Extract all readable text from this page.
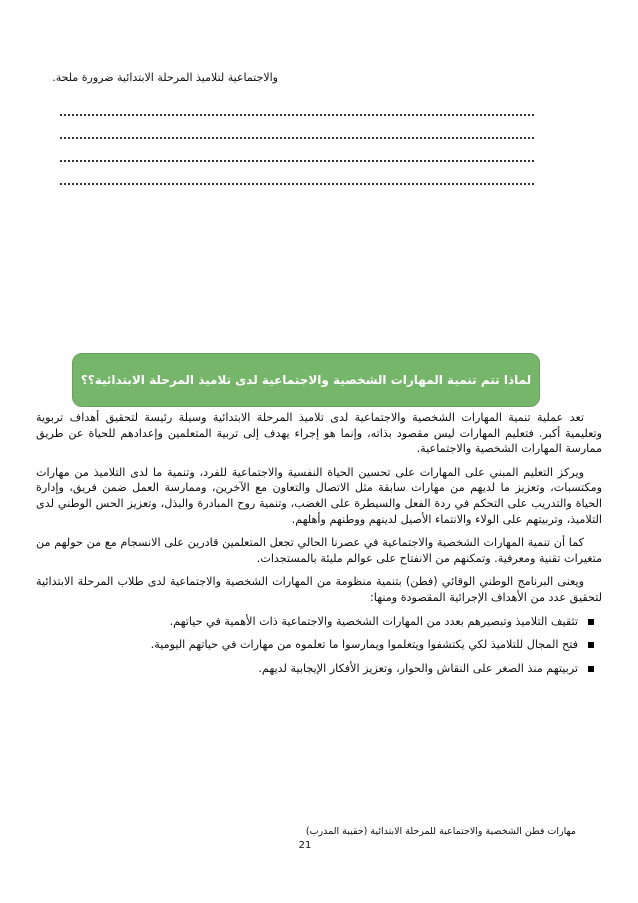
والاجتماعية لتلاميذ المرحلة الابتدائية ضرورة ملحة.
لماذا تتم تنمية المهارات الشخصية والاجتماعية لدى تلاميذ المرحلة الابتدائية؟؟

تعد عملية تنمية المهارات الشخصية والاجتماعية لدى تلاميذ المرحلة الابتدائية وسيلة رئيسة لتحقيق أهداف تربوية وتعليمية أكبر. فتعليم المهارات ليس مقصود بذاته، وإنما هو إجراء يهدف إلى تربية المتعلمين وإعدادهم للحياة عن طريق ممارسة المهارات الشخصية والاجتماعية.

ويركز التعليم المبني على المهارات على تحسين الحياة النفسية والاجتماعية للفرد، وتنمية ما لدى التلاميذ من مهارات ومكتسبات، وتعزيز ما لديهم من مهارات سابقة مثل الاتصال والتعاون مع الآخرين، وممارسة العمل ضمن فريق، وإدارة الحياة والتدريب على التحكم في ردة الفعل والسيطرة على الغضب، وتنمية روح المبادرة والبذل، وتعزيز الحس الوطني لدى التلاميذ، وتربيتهم على الولاء والانتماء الأصيل لدينهم ووطنهم وأهلهم.

كما أن تنمية المهارات الشخصية والاجتماعية في عصرنا الحالي تجعل المتعلمين قادرين على الانسجام مع من حولهم من متغيرات تقنية ومعرفية. وتمكنهم من الانفتاح على عوالم مليئة بالمستجدات.

ويعنى البرنامج الوطني الوقائي (فطن) بتنمية منظومة من المهارات الشخصية والاجتماعية لدى طلاب المرحلة الابتدائية لتحقيق عدد من الأهداف الإجرائية المقصودة ومنها:

تثقيف التلاميذ وتبصيرهم بعدد من المهارات الشخصية والاجتماعية ذات الأهمية في حياتهم.
فتح المجال للتلاميذ لكي يكتشفوا ويتعلموا ويمارسوا ما تعلموه من مهارات في حياتهم اليومية.
تربيتهم منذ الصغر على النقاش والحوار، وتعزيز الأفكار الإيجابية لديهم.
مهارات فطن الشخصية والاجتماعية للمرحلة الابتدائية (حقيبة المدرب)
21
